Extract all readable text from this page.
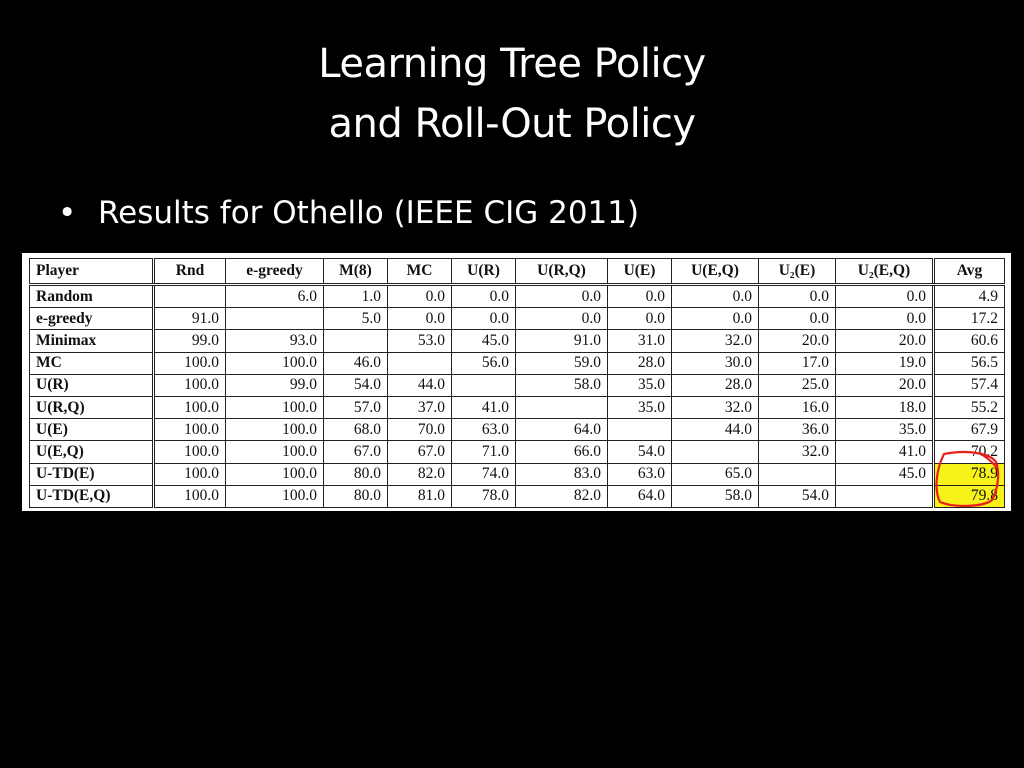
Learning Tree Policy
and Roll-Out Policy
• Results for Othello (IEEE CIG 2011)
Player	Rnd	e-greedy	M(8)	MC	U(R)	U(R,Q)	U(E)	U(E,Q)	U₂(E)	U₂(E,Q)	Avg
Random		6.0	1.0	0.0	0.0	0.0	0.0	0.0	0.0	0.0	4.9
e-greedy	91.0		5.0	0.0	0.0	0.0	0.0	0.0	0.0	0.0	17.2
Minimax	99.0	93.0		53.0	45.0	91.0	31.0	32.0	20.0	20.0	60.6
MC	100.0	100.0	46.0		56.0	59.0	28.0	30.0	17.0	19.0	56.5
U(R)	100.0	99.0	54.0	44.0		58.0	35.0	28.0	25.0	20.0	57.4
U(R,Q)	100.0	100.0	57.0	37.0	41.0		35.0	32.0	16.0	18.0	55.2
U(E)	100.0	100.0	68.0	70.0	63.0	64.0		44.0	36.0	35.0	67.9
U(E,Q)	100.0	100.0	67.0	67.0	71.0	66.0	54.0		32.0	41.0	70.2
U-TD(E)	100.0	100.0	80.0	82.0	74.0	83.0	63.0	65.0		45.0	78.9
U-TD(E,Q)	100.0	100.0	80.0	81.0	78.0	82.0	64.0	58.0	54.0		79.8
